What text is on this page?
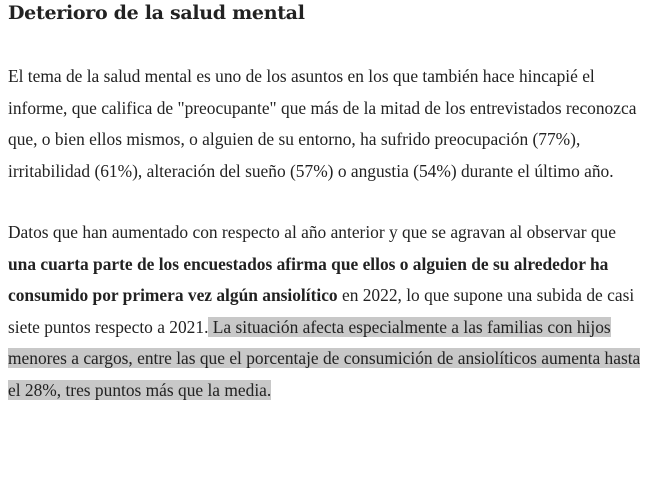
Deterioro de la salud mental

El tema de la salud mental es uno de los asuntos en los que también hace hincapié el informe, que califica de "preocupante" que más de la mitad de los entrevistados reconozca que, o bien ellos mismos, o alguien de su entorno, ha sufrido preocupación (77%), irritabilidad (61%), alteración del sueño (57%) o angustia (54%) durante el último año.

Datos que han aumentado con respecto al año anterior y que se agravan al observar que una cuarta parte de los encuestados afirma que ellos o alguien de su alrededor ha consumido por primera vez algún ansiolítico en 2022, lo que supone una subida de casi siete puntos respecto a 2021. La situación afecta especialmente a las familias con hijos menores a cargos, entre las que el porcentaje de consumición de ansiolíticos aumenta hasta el 28%, tres puntos más que la media.
